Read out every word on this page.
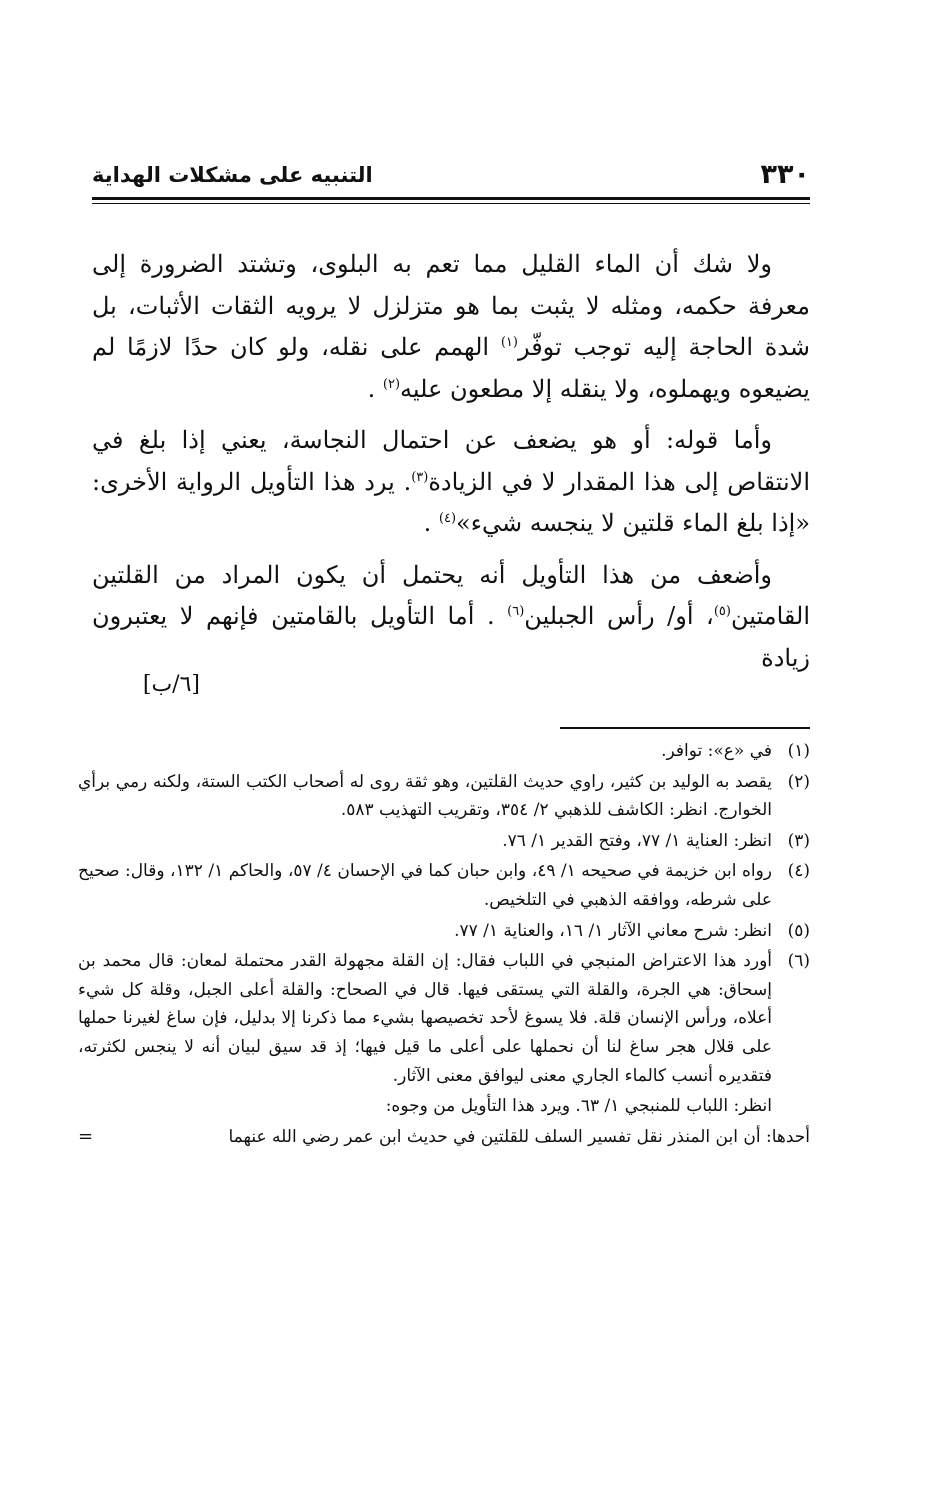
٣٣٠
التنبيه على مشكلات الهداية

ولا شك أن الماء القليل مما تعم به البلوى، وتشتد الضرورة إلى معرفة حكمه، ومثله لا يثبت بما هو متزلزل لا يرويه الثقات الأثبات، بل شدة الحاجة إليه توجب توفّر$^{(١)}$ الهمم على نقله، ولو كان حدًا لازمًا لم يضيعوه ويهملوه، ولا ينقله إلا مطعون عليه$^{(٢)}$ .

وأما قوله: أو هو يضعف عن احتمال النجاسة، يعني إذا بلغ في الانتقاص إلى هذا المقدار لا في الزيادة$^{(٣)}$. يرد هذا التأويل الرواية الأخرى: «إذا بلغ الماء قلتين لا ينجسه شيء»$^{(٤)}$ .

وأضعف من هذا التأويل أنه يحتمل أن يكون المراد من القلتين القامتين$^{(٥)}$، أو/ رأس الجبلين$^{(٦)}$ . أما التأويل بالقامتين فإنهم لا يعتبرون زيادة

[٦/ب]
(١)
في «ع»: توافر.
(٢)
يقصد به الوليد بن كثير، راوي حديث القلتين، وهو ثقة روى له أصحاب الكتب الستة، ولكنه رمي برأي الخوارج. انظر: الكاشف للذهبي ٢/ ٣٥٤، وتقريب التهذيب ٥٨٣.
(٣)
انظر: العناية ١/ ٧٧، وفتح القدير ١/ ٧٦.
(٤)
رواه ابن خزيمة في صحيحه ١/ ٤٩، وابن حبان كما في الإحسان ٤/ ٥٧، والحاكم ١/ ١٣٢، وقال: صحيح على شرطه، ووافقه الذهبي في التلخيص.
(٥)
انظر: شرح معاني الآثار ١/ ١٦، والعناية ١/ ٧٧.
(٦)
أورد هذا الاعتراض المنبجي في اللباب فقال: إن القلة مجهولة القدر محتملة لمعان: قال محمد بن إسحاق: هي الجرة، والقلة التي يستقى فيها. قال في الصحاح: والقلة أعلى الجبل، وقلة كل شيء أعلاه، ورأس الإنسان قلة. فلا يسوغ لأحد تخصيصها بشيء مما ذكرنا إلا بدليل، فإن ساغ لغيرنا حملها على قلال هجر ساغ لنا أن نحملها على أعلى ما قيل فيها؛ إذ قد سيق لبيان أنه لا ينجس لكثرته، فتقديره أنسب كالماء الجاري معنى ليوافق معنى الآثار.
انظر: اللباب للمنبجي ١/ ٦٣. ويرد هذا التأويل من وجوه:
أحدها: أن ابن المنذر نقل تفسير السلف للقلتين في حديث ابن عمر رضي الله عنهما
=
